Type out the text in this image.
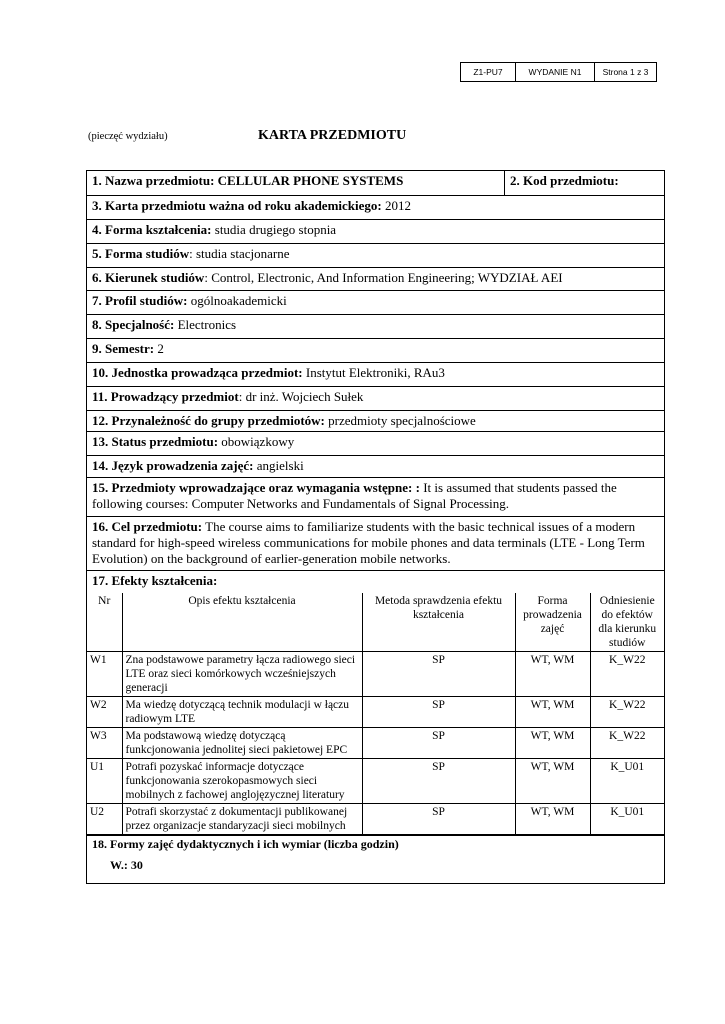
Z1-PU7	WYDANIE N1	Strona 1 z 3
(pieczęć wydziału)	KARTA PRZEDMIOTU
1. Nazwa przedmiotu: CELLULAR PHONE SYSTEMS	2. Kod przedmiotu:
3. Karta przedmiotu ważna od roku akademickiego: 2012
4. Forma kształcenia: studia drugiego stopnia
5. Forma studiów: studia stacjonarne
6. Kierunek studiów: Control, Electronic, And Information Engineering; WYDZIAŁ AEI
7. Profil studiów: ogólnoakademicki
8. Specjalność: Electronics
9. Semestr: 2
10. Jednostka prowadząca przedmiot: Instytut Elektroniki, RAu3
11. Prowadzący przedmiot: dr inż. Wojciech Sułek
12. Przynależność do grupy przedmiotów: przedmioty specjalnościowe
13. Status przedmiotu: obowiązkowy
14. Język prowadzenia zajęć: angielski
15. Przedmioty wprowadzające oraz wymagania wstępne: : It is assumed that students passed the following courses: Computer Networks and Fundamentals of Signal Processing.
16. Cel przedmiotu: The course aims to familiarize students with the basic technical issues of a modern standard for high-speed wireless communications for mobile phones and data terminals (LTE - Long Term Evolution) on the background of earlier-generation mobile networks.
17. Efekty kształcenia:
Nr	Opis efektu kształcenia	Metoda sprawdzenia efektu kształcenia	Forma prowadzenia zajęć	Odniesienie do efektów dla kierunku studiów
W1	Zna podstawowe parametry łącza radiowego sieci LTE oraz sieci komórkowych wcześniejszych generacji	SP	WT, WM	K_W22
W2	Ma wiedzę dotyczącą technik modulacji w łączu radiowym LTE	SP	WT, WM	K_W22
W3	Ma podstawową wiedzę dotyczącą funkcjonowania jednolitej sieci pakietowej EPC	SP	WT, WM	K_W22
U1	Potrafi pozyskać informacje dotyczące funkcjonowania szerokopasmowych sieci mobilnych z fachowej anglojęzycznej literatury	SP	WT, WM	K_U01
U2	Potrafi skorzystać z dokumentacji publikowanej przez organizacje standaryzacji sieci mobilnych	SP	WT, WM	K_U01
18. Formy zajęć dydaktycznych i ich wymiar (liczba godzin)
W.: 30
